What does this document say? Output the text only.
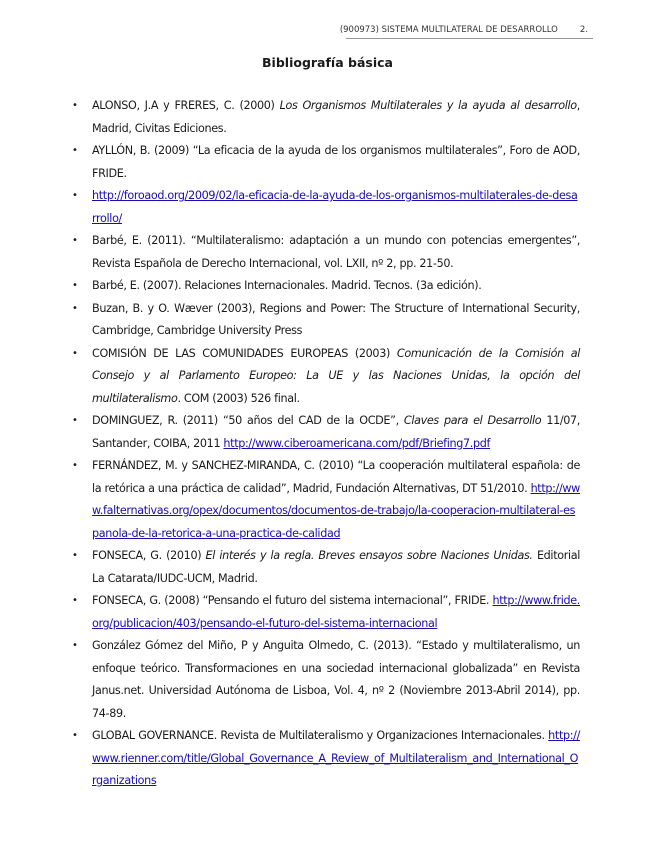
(900973) SISTEMA MULTILATERAL DE DESARROLLO	2.
Bibliografía básica
• ALONSO, J.A y FRERES, C. (2000) Los Organismos Multilaterales y la ayuda al desarrollo, Madrid, Civitas Ediciones.
• AYLLÓN, B. (2009) “La eficacia de la ayuda de los organismos multilaterales”, Foro de AOD, FRIDE.
• http://foroaod.org/2009/02/la-eficacia-de-la-ayuda-de-los-organismos-multilaterales-de-desarrollo/
• Barbé, E. (2011). “Multilateralismo: adaptación a un mundo con potencias emergentes”, Revista Española de Derecho Internacional, vol. LXII, nº 2, pp. 21-50.
• Barbé, E. (2007). Relaciones Internacionales. Madrid. Tecnos. (3a edición).
• Buzan, B. y O. Wæver (2003), Regions and Power: The Structure of International Security, Cambridge, Cambridge University Press
• COMISIÓN DE LAS COMUNIDADES EUROPEAS (2003) Comunicación de la Comisión al Consejo y al Parlamento Europeo: La UE y las Naciones Unidas, la opción del multilateralismo. COM (2003) 526 final.
• DOMINGUEZ, R. (2011) “50 años del CAD de la OCDE”, Claves para el Desarrollo 11/07, Santander, COIBA, 2011 http://www.ciberoamericana.com/pdf/Briefing7.pdf
• FERNÁNDEZ, M. y SANCHEZ-MIRANDA, C. (2010) “La cooperación multilateral española: de la retórica a una práctica de calidad”, Madrid, Fundación Alternativas, DT 51/2010. http://www.falternativas.org/opex/documentos/documentos-de-trabajo/la-cooperacion-multilateral-espanola-de-la-retorica-a-una-practica-de-calidad
• FONSECA, G. (2010) El interés y la regla. Breves ensayos sobre Naciones Unidas. Editorial La Catarata/IUDC-UCM, Madrid.
• FONSECA, G. (2008) “Pensando el futuro del sistema internacional”, FRIDE. http://www.fride.org/publicacion/403/pensando-el-futuro-del-sistema-internacional
• González Gómez del Miño, P y Anguita Olmedo, C. (2013). “Estado y multilateralismo, un enfoque teórico. Transformaciones en una sociedad internacional globalizada” en Revista Janus.net. Universidad Autónoma de Lisboa, Vol. 4, nº 2 (Noviembre 2013-Abril 2014), pp. 74-89.
• GLOBAL GOVERNANCE. Revista de Multilateralismo y Organizaciones Internacionales. http://www.rienner.com/title/Global_Governance_A_Review_of_Multilateralism_and_International_Organizations
